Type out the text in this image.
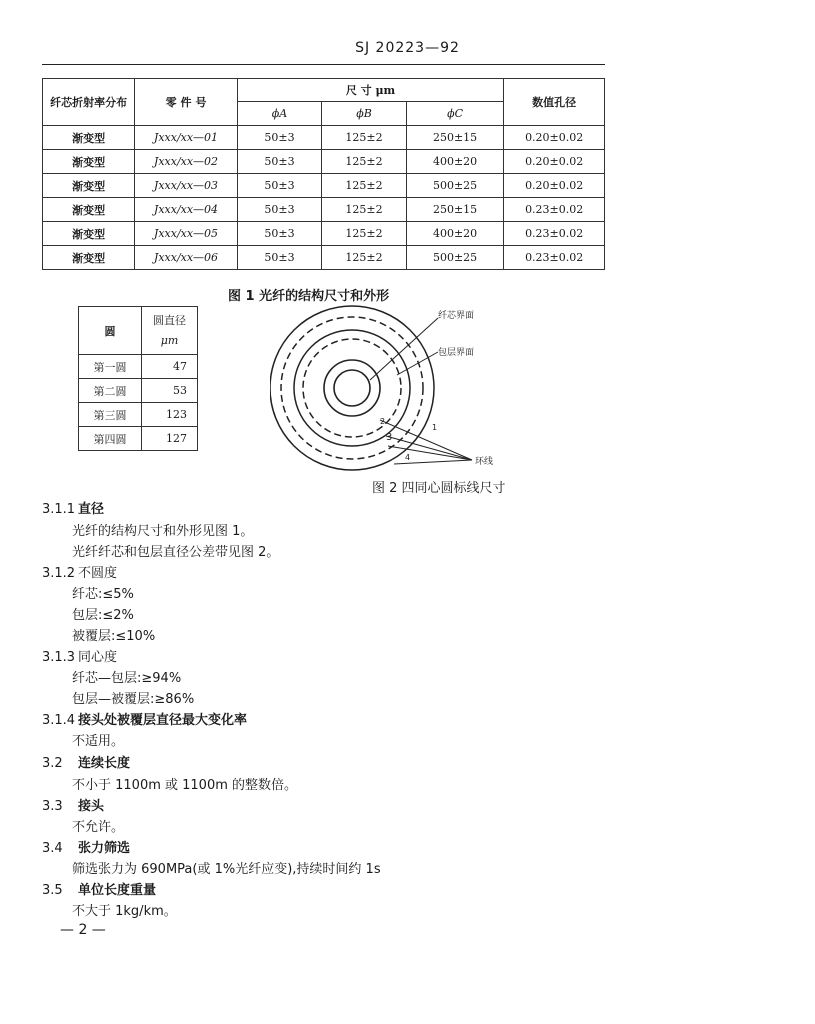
SJ 20223—92
纤芯折射率分布	零 件 号	尺 寸 μm			数值孔径
		ϕA	ϕB	ϕC	
渐变型	Jxxx/xx—01	50±3	125±2	250±15	0.20±0.02
渐变型	Jxxx/xx—02	50±3	125±2	400±20	0.20±0.02
渐变型	Jxxx/xx—03	50±3	125±2	500±25	0.20±0.02
渐变型	Jxxx/xx—04	50±3	125±2	250±15	0.23±0.02
渐变型	Jxxx/xx—05	50±3	125±2	400±20	0.23±0.02
渐变型	Jxxx/xx—06	50±3	125±2	500±25	0.23±0.02
图 1 光纤的结构尺寸和外形
圆	圆直径
μm

第一圆	47
第二圆	53
第三圆	123
第四圆	127
纤芯界面
包层界面
环线
1
2
3
4
图 2 四同心圆标线尺寸
3.1.1 直径
光纤的结构尺寸和外形见图 1。
光纤纤芯和包层直径公差带见图 2。
3.1.2 不圆度
纤芯:≤5%
包层:≤2%
被覆层:≤10%
3.1.3 同心度
纤芯—包层:≥94%
包层—被覆层:≥86%
3.1.4 接头处被覆层直径最大变化率
不适用。
3.2 连续长度
不小于 1100m 或 1100m 的整数倍。
3.3 接头
不允许。
3.4 张力筛选
筛选张力为 690MPa(或 1%光纤应变),持续时间约 1s
3.5 单位长度重量
不大于 1kg/km。
— 2 —
